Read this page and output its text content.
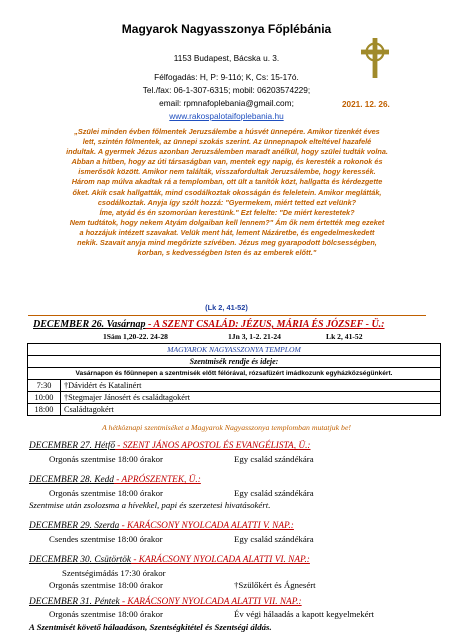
Magyarok Nagyasszonya Főplébánia
1153 Budapest, Bácska u. 3.
Félfogadás: H, P: 9-11ó; K, Cs: 15-17ó.
Tel./fax: 06-1-307-6315; mobil: 06203574229;
email: rpmnafoplebania@gmail.com;
www.rakospalotaifoplebania.hu
2021. 12. 26.
„Szülei minden évben főlmentek Jeruzsálembe a húsvét ünnepére. Amikor tizenkét éves
lett, szintén fölmentek, az ünnepi szokás szerint. Az ünnepnapok elteltével hazafelé
indultak. A gyermek Jézus azonban Jeruzsálemben maradt anélkül, hogy szülei tudták volna.
Abban a hitben, hogy az úti társaságban van, mentek egy napig, és keresték a rokonok és
ismerősök között. Amikor nem találták, visszafordultak Jeruzsálembe, hogy keressék.
Három nap múlva akadtak rá a templomban, ott ült a tanítók közt, hallgatta és kérdezgette
őket. Akik csak hallgatták, mind csodálkoztak okosságán és feleletein. Amikor meglátták,
csodálkoztak. Anyja így szólt hozzá: "Gyermekem, miért tetted ezt velünk?
Íme, atyád és én szomorúan kerestünk." Ezt felelte: "De miért kerestetek?
Nem tudtátok, hogy nekem Atyám dolgaiban kell lennem?" Ám ők nem értették meg ezeket
a hozzájuk intézett szavakat. Velük ment hát, lement Názáretbe, és engedelmeskedett
nekik. Szavait anyja mind megőrizte szívében. Jézus meg gyarapodott bölcsességben,
korban, s kedvességben Isten és az emberek előtt."
(Lk 2, 41-52)
DECEMBER 26. Vasárnap - A SZENT CSALÁD: JÉZUS, MÁRIA ÉS JÓZSEF - Ü.:
1Sám 1,20-22. 24-28	1Jn 3, 1-2. 21-24	Lk 2, 41-52
MAGYAROK NAGYASSZONYA TEMPLOM	
Szentmisék rendje és ideje:	
Vasárnapon és főünnepen a szentmisék előtt félórával, rózsafüzért imádkozunk egyházközségünkért.	
7:30	†Dávidért és Katalinért
10:00	†Stegmajer Jánosért és családtagokért
18:00	Családtagokért
A hétköznapi szentmiséket a Magyarok Nagyasszonya templomban mutatjuk be!
DECEMBER 27. Hétfő - SZENT JÁNOS APOSTOL ÉS EVANGÉLISTA, Ü.:
Orgonás szentmise 18:00 órakor	Egy család szándékára
DECEMBER 28. Kedd - APRÓSZENTEK, Ü.:
Orgonás szentmise 18:00 órakor	Egy család szándékára
Szentmise után zsolozsma a hívekkel, papi és szerzetesi hivatásokért.
DECEMBER 29. Szerda - KARÁCSONY NYOLCADA ALATTI V. NAP.:
Csendes szentmise 18:00 órakor	Egy család szándékára
DECEMBER 30. Csütörtök - KARÁCSONY NYOLCADA ALATTI VI. NAP.:
Szentségimádás 17:30 órakor
Orgonás szentmise 18:00 órakor	†Szülőkért és Ágnesért
DECEMBER 31. Péntek - KARÁCSONY NYOLCADA ALATTI VII. NAP.:
Orgonás szentmise 18:00 órakor	Év végi hálaadás a kapott kegyelmekért
A Szentmisét követő hálaadáson, Szentségkitétel és Szentségi áldás.
